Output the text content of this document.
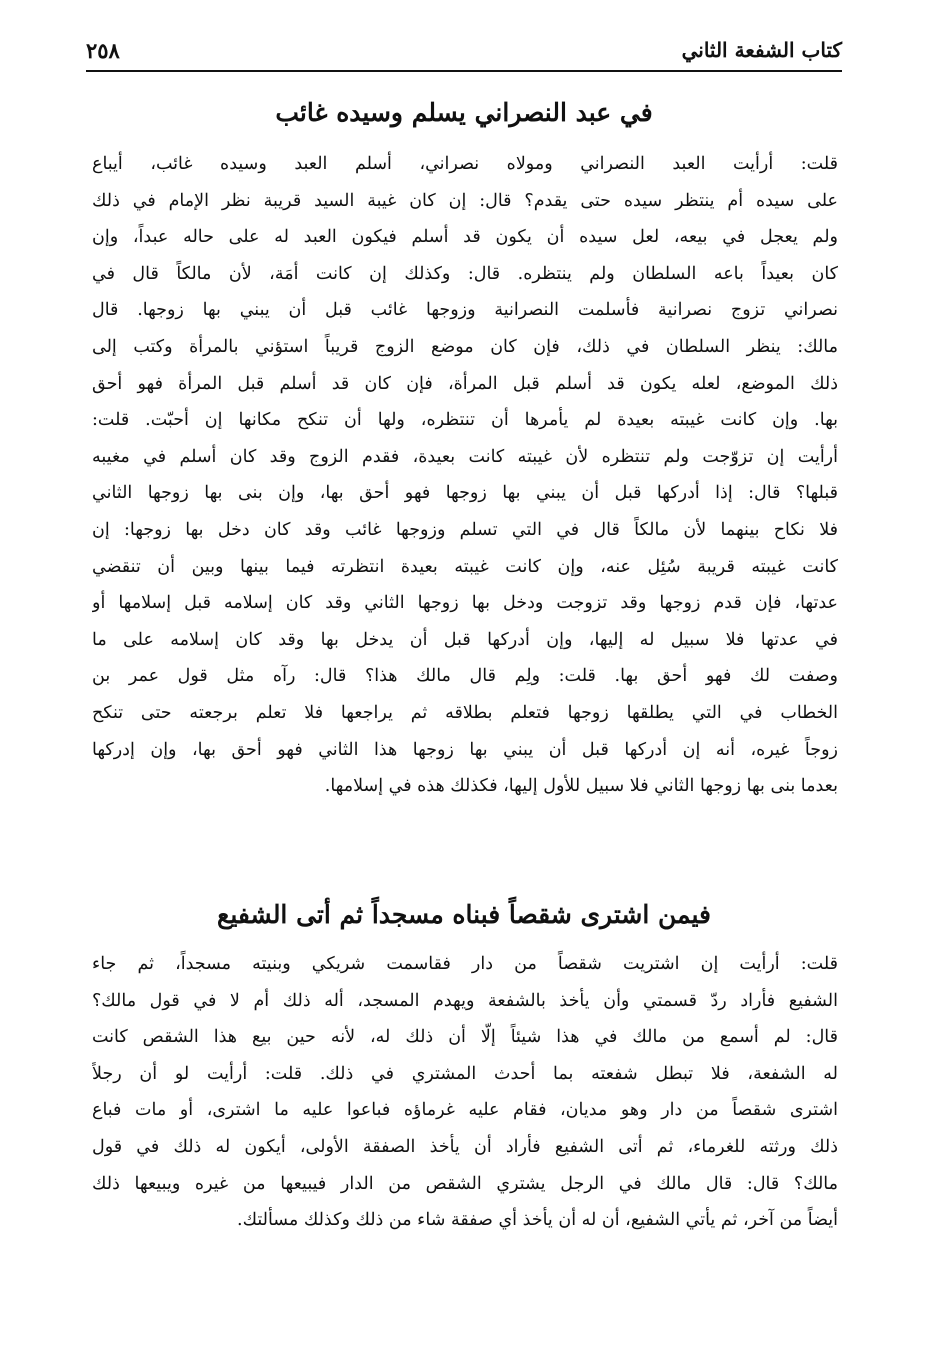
كتاب الشفعة الثاني
٢٥٨
في عبد النصراني يسلم وسيده غائب
قلت: أرأيت العبد النصراني ومولاه نصراني، أسلم العبد وسيده غائب، أيباع
على سيده أم ينتظر سيده حتى يقدم؟ قال: إن كان غيبة السيد قريبة نظر الإمام في ذلك
ولم يعجل في بيعه، لعل سيده أن يكون قد أسلم فيكون العبد له على حاله عبداً، وإن
كان بعيداً باعه السلطان ولم ينتظره. قال: وكذلك إن كانت أمَة، لأن مالكاً قال في
نصراني تزوج نصرانية فأسلمت النصرانية وزوجها غائب قبل أن يبني بها زوجها. قال
مالك: ينظر السلطان في ذلك، فإن كان موضع الزوج قريباً استؤني بالمرأة وكتب إلى
ذلك الموضع، لعله يكون قد أسلم قبل المرأة، فإن كان قد أسلم قبل المرأة فهو أحق
بها. وإن كانت غيبته بعيدة لم يأمرها أن تنتظره، ولها أن تنكح مكانها إن أحبّت. قلت:
أرأيت إن تزوّجت ولم تنتظره لأن غيبته كانت بعيدة، فقدم الزوج وقد كان أسلم في مغيبه
قبلها؟ قال: إذا أدركها قبل أن يبني بها زوجها فهو أحق بها، وإن بنى بها زوجها الثاني
فلا نكاح بينهما لأن مالكاً قال في التي تسلم وزوجها غائب وقد كان دخل بها زوجها: إن
كانت غيبته قريبة سُئِل عنه، وإن كانت غيبته بعيدة انتظرته فيما بينها وبين أن تنقضي
عدتها، فإن قدم زوجها وقد تزوجت ودخل بها زوجها الثاني وقد كان إسلامه قبل إسلامها أو
في عدتها فلا سبيل له إليها، وإن أدركها قبل أن يدخل بها وقد كان إسلامه على ما
وصفت لك فهو أحق بها. قلت: ولِم قال مالك هذا؟ قال: رآه مثل قول عمر بن
الخطاب في التي يطلقها زوجها فتعلم بطلاقه ثم يراجعها فلا تعلم برجعته حتى تنكح
زوجاً غيره، أنه إن أدركها قبل أن يبني بها زوجها هذا الثاني فهو أحق بها، وإن إدركها
بعدما بنى بها زوجها الثاني فلا سبيل للأول إليها، فكذلك هذه في إسلامها.
فيمن اشترى شقصاً فبناه مسجداً ثم أتى الشفيع
قلت: أرأيت إن اشتريت شقصاً من دار فقاسمت شريكي وبنيته مسجداً، ثم جاء
الشفيع فأراد ردّ قسمتي وأن يأخذ بالشفعة ويهدم المسجد، أله ذلك أم لا في قول مالك؟
قال: لم أسمع من مالك في هذا شيئاً إلّا أن ذلك له، لأنه حين بيع هذا الشقص كانت
له الشفعة، فلا تبطل شفعته بما أحدث المشتري في ذلك. قلت: أرأيت لو أن رجلاً
اشترى شقصاً من دار وهو مديان، فقام عليه غرماؤه فباعوا عليه ما اشترى، أو مات فباع
ذلك ورثته للغرماء، ثم أتى الشفيع فأراد أن يأخذ الصفقة الأولى، أيكون له ذلك في قول
مالك؟ قال: قال مالك في الرجل يشتري الشقص من الدار فيبيعها من غيره ويبيعها ذلك
أيضاً من آخر، ثم يأتي الشفيع، أن له أن يأخذ أي صفقة شاء من ذلك وكذلك مسألتك.
